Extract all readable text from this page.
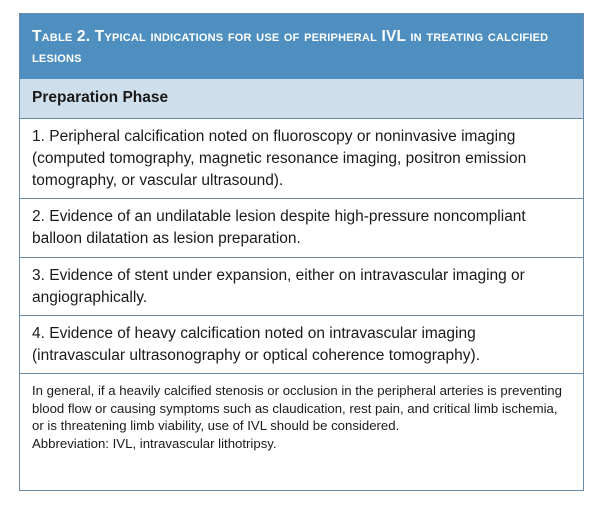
Table 2. Typical indications for use of peripheral IVL in treating calcified lesions
Preparation Phase
1. Peripheral calcification noted on fluoroscopy or noninvasive imaging (computed tomography, magnetic resonance imaging, positron emission tomography, or vascular ultrasound).
2. Evidence of an undilatable lesion despite high-pressure noncompliant balloon dilatation as lesion preparation.
3. Evidence of stent under expansion, either on intravascular imaging or angiographically.
4. Evidence of heavy calcification noted on intravascular imaging (intravascular ultrasonography or optical coherence tomography).

In general, if a heavily calcified stenosis or occlusion in the peripheral arteries is preventing blood flow or causing symptoms such as claudication, rest pain, and critical limb ischemia, or is threatening limb viability, use of IVL should be considered.

Abbreviation: IVL, intravascular lithotripsy.
